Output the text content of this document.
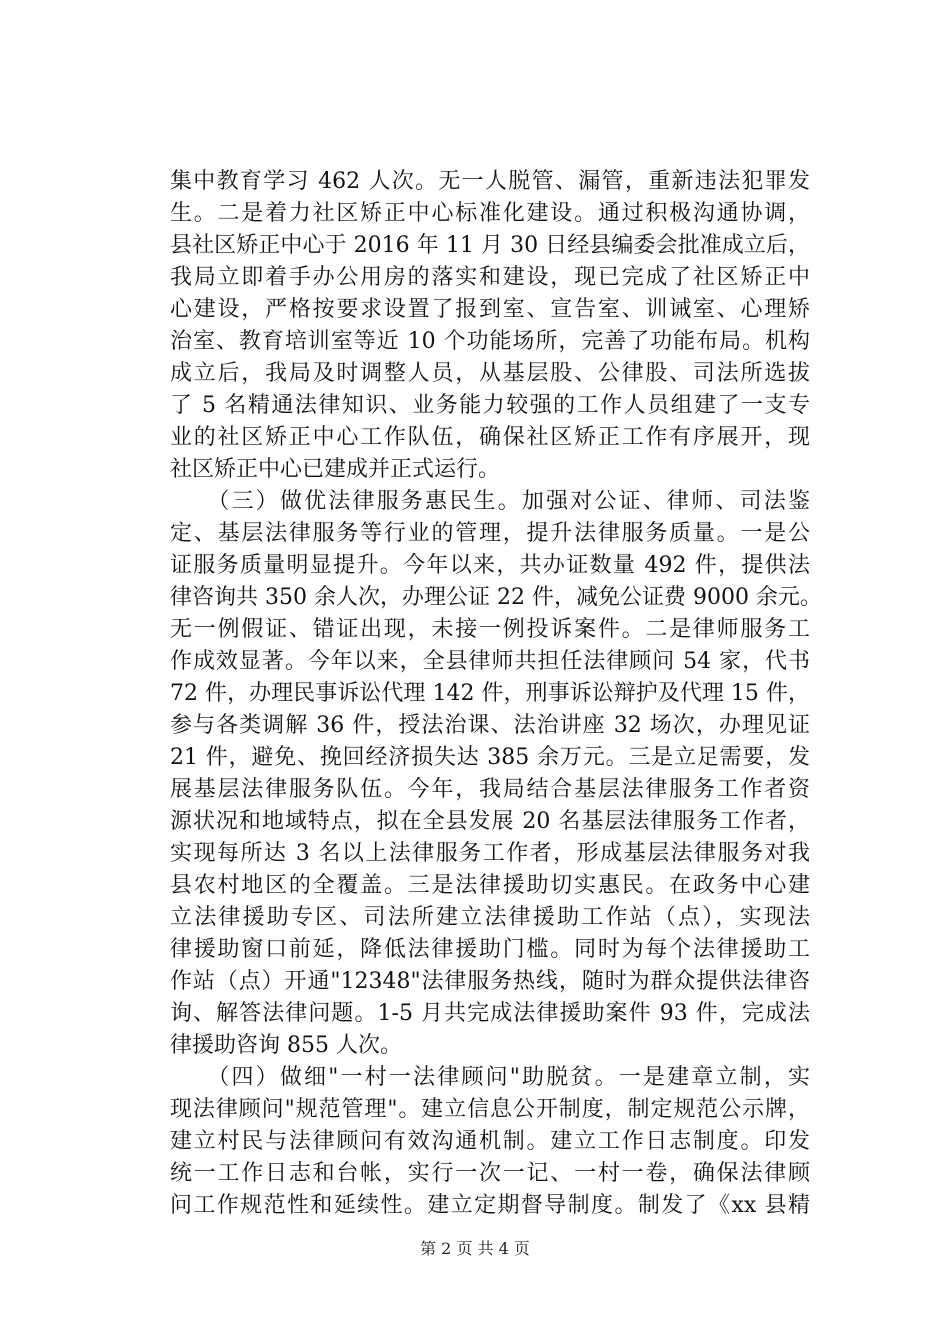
集中教育学习 462 人次。无一人脱管、漏管，重新违法犯罪发
生。二是着力社区矫正中心标准化建设。通过积极沟通协调，
县社区矫正中心于 2016 年 11 月 30 日经县编委会批准成立后，
我局立即着手办公用房的落实和建设，现已完成了社区矫正中
心建设，严格按要求设置了报到室、宣告室、训诫室、心理矫
治室、教育培训室等近 10 个功能场所，完善了功能布局。机构
成立后，我局及时调整人员，从基层股、公律股、司法所选拔
了 5 名精通法律知识、业务能力较强的工作人员组建了一支专
业的社区矫正中心工作队伍，确保社区矫正工作有序展开，现
社区矫正中心已建成并正式运行。
　　（三）做优法律服务惠民生。加强对公证、律师、司法鉴
定、基层法律服务等行业的管理，提升法律服务质量。一是公
证服务质量明显提升。今年以来，共办证数量 492 件，提供法
律咨询共 350 余人次，办理公证 22 件，减免公证费 9000 余元。
无一例假证、错证出现，未接一例投诉案件。二是律师服务工
作成效显著。今年以来，全县律师共担任法律顾问 54 家，代书
72 件，办理民事诉讼代理 142 件，刑事诉讼辩护及代理 15 件，
参与各类调解 36 件，授法治课、法治讲座 32 场次，办理见证
21 件，避免、挽回经济损失达 385 余万元。三是立足需要，发
展基层法律服务队伍。今年，我局结合基层法律服务工作者资
源状况和地域特点，拟在全县发展 20 名基层法律服务工作者，
实现每所达 3 名以上法律服务工作者，形成基层法律服务对我
县农村地区的全覆盖。三是法律援助切实惠民。在政务中心建
立法律援助专区、司法所建立法律援助工作站（点），实现法
律援助窗口前延，降低法律援助门槛。同时为每个法律援助工
作站（点）开通"12348"法律服务热线，随时为群众提供法律咨
询、解答法律问题。1-5 月共完成法律援助案件 93 件，完成法
律援助咨询 855 人次。
　　（四）做细"一村一法律顾问"助脱贫。一是建章立制，实
现法律顾问"规范管理"。建立信息公开制度，制定规范公示牌，
建立村民与法律顾问有效沟通机制。建立工作日志制度。印发
统一工作日志和台帐，实行一次一记、一村一卷，确保法律顾
问工作规范性和延续性。建立定期督导制度。制发了《xx 县精
第 2 页 共 4 页
